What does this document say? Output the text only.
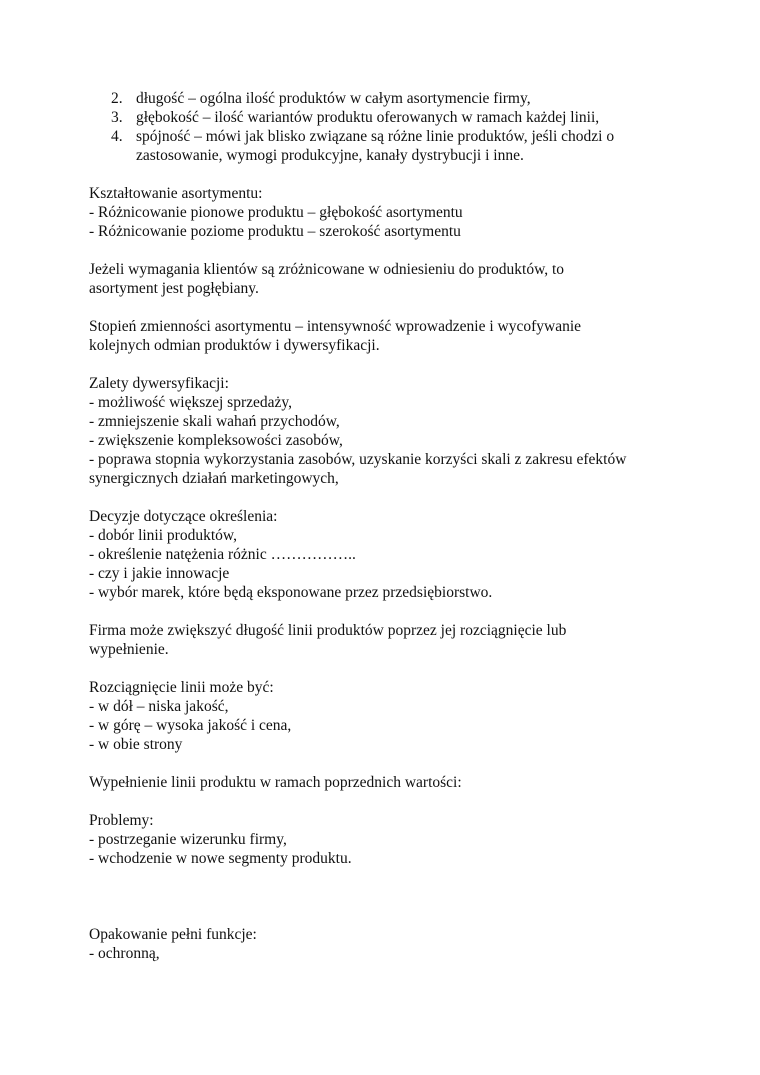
2. długość – ogólna ilość produktów w całym asortymencie firmy,
3. głębokość – ilość wariantów produktu oferowanych w ramach każdej linii,
4. spójność – mówi jak blisko związane są różne linie produktów, jeśli chodzi o
zastosowanie, wymogi produkcyjne, kanały dystrybucji i inne.
Kształtowanie asortymentu:
- Różnicowanie pionowe produktu – głębokość asortymentu
- Różnicowanie poziome produktu – szerokość asortymentu
Jeżeli wymagania klientów są zróżnicowane w odniesieniu do produktów, to
asortyment jest pogłębiany.
Stopień zmienności asortymentu – intensywność wprowadzenie i wycofywanie
kolejnych odmian produktów i dywersyfikacji.
Zalety dywersyfikacji:
- możliwość większej sprzedaży,
- zmniejszenie skali wahań przychodów,
- zwiększenie kompleksowości zasobów,
- poprawa stopnia wykorzystania zasobów, uzyskanie korzyści skali z zakresu efektów
synergicznych działań marketingowych,
Decyzje dotyczące określenia:
- dobór linii produktów,
- określenie natężenia różnic ……………..
- czy i jakie innowacje
- wybór marek, które będą eksponowane przez przedsiębiorstwo.
Firma może zwiększyć długość linii produktów poprzez jej rozciągnięcie lub
wypełnienie.
Rozciągnięcie linii może być:
- w dół – niska jakość,
- w górę – wysoka jakość i cena,
- w obie strony
Wypełnienie linii produktu w ramach poprzednich wartości:
Problemy:
- postrzeganie wizerunku firmy,
- wchodzenie w nowe segmenty produktu.
Opakowanie pełni funkcje:
- ochronną,
